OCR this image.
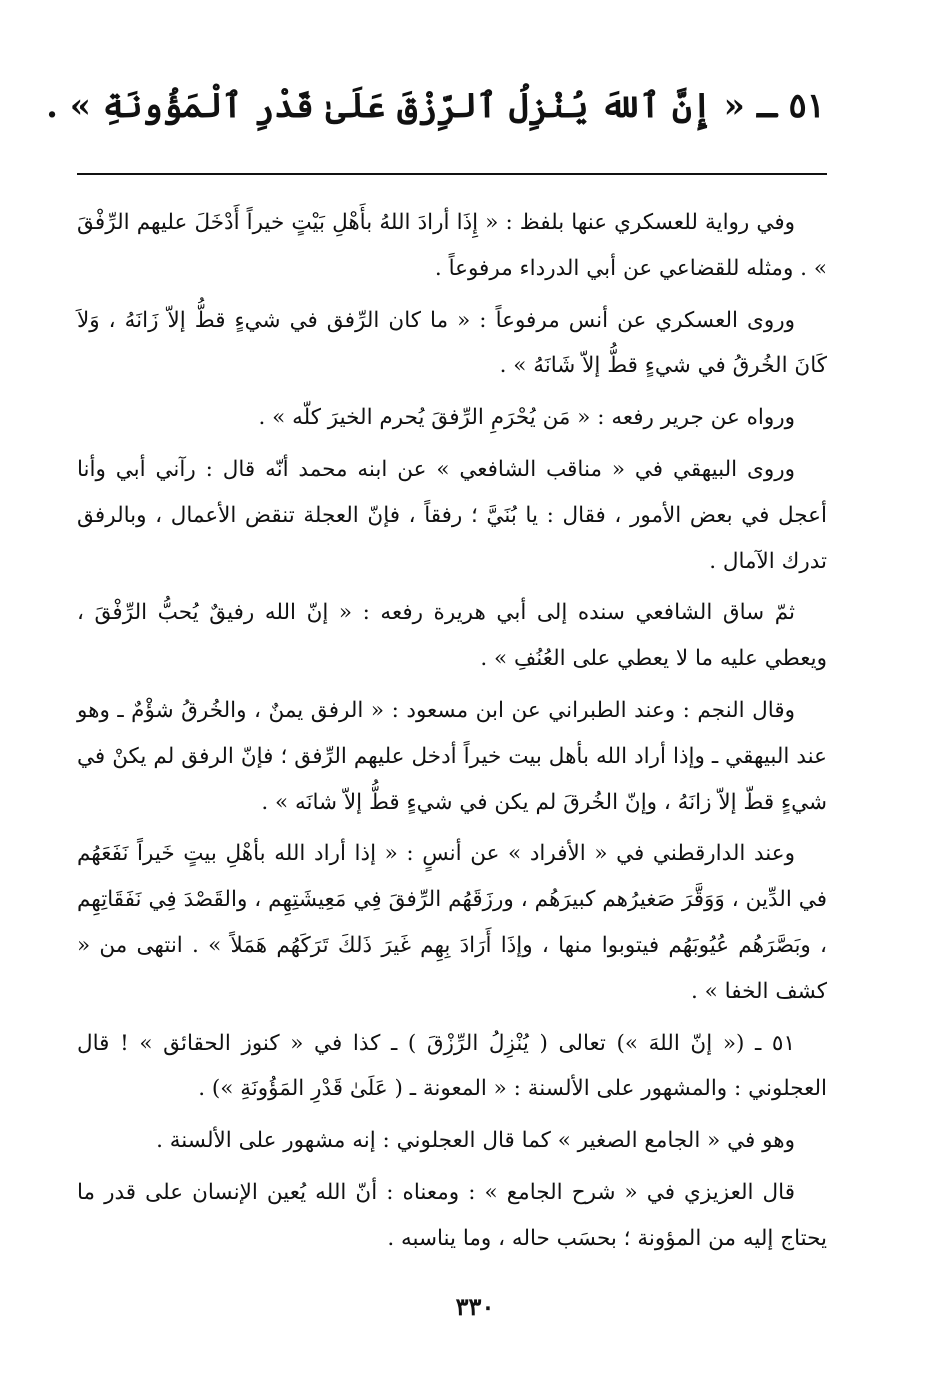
٥١ ـ « إِنَّ ٱللهَ يُنْزِلُ ٱلرِّزْقَ عَلَىٰ قَدْرِ ٱلْمَؤُونَةِ » .

وفي رواية للعسكري عنها بلفظ : « إِذَا أرادَ اللهُ بأَهْلِ بَيْتٍ خيراً أَدْخَلَ عليهم الرِّفْقَ » . ومثله للقضاعي عن أبي الدرداء مرفوعاً .

وروى العسكري عن أنس مرفوعاً : « ما كان الرِّفق في شيءٍ قطُّ إلاّ زَانَهُ ، وَلاَ كَانَ الخُرقُ في شيءٍ قطُّ إلاّ شَانَهُ » .

ورواه عن جرير رفعه : « مَن يُحْرَمِ الرِّفقَ يُحرم الخيرَ كلّه » .

وروى البيهقي في « مناقب الشافعي » عن ابنه محمد أنّه قال : رآني أبي وأنا أعجل في بعض الأمور ، فقال : يا بُنَيَّ ؛ رفقاً ، فإنّ العجلة تنقض الأعمال ، وبالرفق تدرك الآمال .

ثمّ ساق الشافعي سنده إلى أبي هريرة رفعه : « إنّ الله رفيقٌ يُحبُّ الرِّفْقَ ، ويعطي عليه ما لا يعطي على العُنُفِ » .

وقال النجم : وعند الطبراني عن ابن مسعود : « الرفق يمنٌ ، والخُرقُ شؤْمٌ ـ وهو عند البيهقي ـ وإذا أراد الله بأهل بيت خيراً أدخل عليهم الرِّفق ؛ فإنّ الرفق لم يكنْ في شيءٍ قطّ إلاّ زانَهُ ، وإنّ الخُرقَ لم يكن في شيءٍ قطُّ إلاّ شانَه » .

وعند الدارقطني في « الأفراد » عن أنسٍ : « إذا أراد الله بأهْلِ بيتٍ خَيراً نَفَعَهُم في الدِّين ، وَوَقَّرَ صَغيرُهم كبيرَهُم ، ورزَقَهُم الرِّفقَ فِي مَعِيشَتِهِم ، والقَصْدَ فِي نَفَقَاتِهِم ، وبَصَّرَهُم عُيُوبَهُم فيتوبوا منها ، وإذَا أَرَادَ بِهِم غَيرَ ذَلكَ تَرَكَهُم هَمَلاً » . انتهى من « كشف الخفا » .

٥١ ـ (« إنّ اللهَ ») تعالى ( يُنْزِلُ الرِّزْقَ ) ـ كذا في « كنوز الحقائق » ! قال العجلوني : والمشهور على الألسنة : « المعونة ـ ( عَلَىٰ قَدْرِ المَؤُونَةِ ») .

وهو في « الجامع الصغير » كما قال العجلوني : إنه مشهور على الألسنة .

قال العزيزي في « شرح الجامع » : ومعناه : أنّ الله يُعين الإنسان على قدر ما يحتاج إليه من المؤونة ؛ بحسَب حاله ، وما يناسبه .

٣٣٠
